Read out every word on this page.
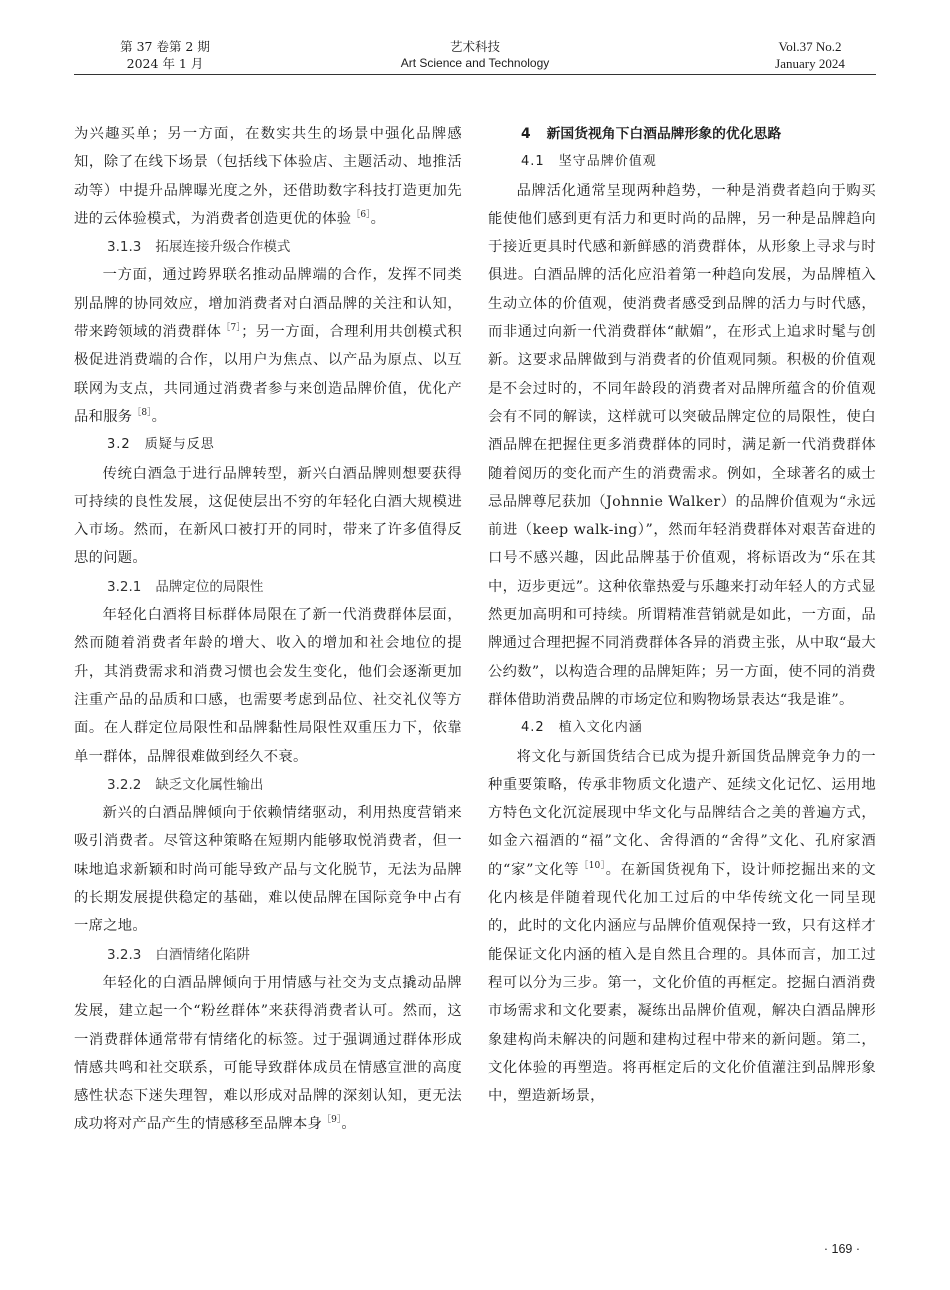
第 37 卷第 2 期
2024 年 1 月
艺术科技
Art Science and Technology
Vol.37 No.2
January 2024

为兴趣买单；另一方面，在数实共生的场景中强化品牌感知，除了在线下场景（包括线下体验店、主题活动、地推活动等）中提升品牌曝光度之外，还借助数字科技打造更加先进的云体验模式，为消费者创造更优的体验$^{[6]}$。

3.1.3 拓展连接升级合作模式

一方面，通过跨界联名推动品牌端的合作，发挥不同类别品牌的协同效应，增加消费者对白酒品牌的关注和认知，带来跨领域的消费群体$^{[7]}$；另一方面，合理利用共创模式积极促进消费端的合作，以用户为焦点、以产品为原点、以互联网为支点，共同通过消费者参与来创造品牌价值，优化产品和服务$^{[8]}$。

3.2 质疑与反思

传统白酒急于进行品牌转型，新兴白酒品牌则想要获得可持续的良性发展，这促使层出不穷的年轻化白酒大规模进入市场。然而，在新风口被打开的同时，带来了许多值得反思的问题。

3.2.1 品牌定位的局限性

年轻化白酒将目标群体局限在了新一代消费群体层面，然而随着消费者年龄的增大、收入的增加和社会地位的提升，其消费需求和消费习惯也会发生变化，他们会逐渐更加注重产品的品质和口感，也需要考虑到品位、社交礼仪等方面。在人群定位局限性和品牌黏性局限性双重压力下，依靠单一群体，品牌很难做到经久不衰。

3.2.2 缺乏文化属性输出

新兴的白酒品牌倾向于依赖情绪驱动，利用热度营销来吸引消费者。尽管这种策略在短期内能够取悦消费者，但一味地追求新颖和时尚可能导致产品与文化脱节，无法为品牌的长期发展提供稳定的基础，难以使品牌在国际竞争中占有一席之地。

3.2.3 白酒情绪化陷阱

年轻化的白酒品牌倾向于用情感与社交为支点撬动品牌发展，建立起一个“粉丝群体”来获得消费者认可。然而，这一消费群体通常带有情绪化的标签。过于强调通过群体形成情感共鸣和社交联系，可能导致群体成员在情感宣泄的高度感性状态下迷失理智，难以形成对品牌的深刻认知，更无法成功将对产品产生的情感移至品牌本身$^{[9]}$。

4 新国货视角下白酒品牌形象的优化思路
4.1 坚守品牌价值观

品牌活化通常呈现两种趋势，一种是消费者趋向于购买能使他们感到更有活力和更时尚的品牌，另一种是品牌趋向于接近更具时代感和新鲜感的消费群体，从形象上寻求与时俱进。白酒品牌的活化应沿着第一种趋向发展，为品牌植入生动立体的价值观，使消费者感受到品牌的活力与时代感，而非通过向新一代消费群体“献媚”，在形式上追求时髦与创新。这要求品牌做到与消费者的价值观同频。积极的价值观是不会过时的，不同年龄段的消费者对品牌所蕴含的价值观会有不同的解读，这样就可以突破品牌定位的局限性，使白酒品牌在把握住更多消费群体的同时，满足新一代消费群体随着阅历的变化而产生的消费需求。例如，全球著名的威士忌品牌尊尼获加（Johnnie Walker）的品牌价值观为“永远前进（keep walk-ing）”，然而年轻消费群体对艰苦奋进的口号不感兴趣，因此品牌基于价值观，将标语改为“乐在其中，迈步更远”。这种依靠热爱与乐趣来打动年轻人的方式显然更加高明和可持续。所谓精准营销就是如此，一方面，品牌通过合理把握不同消费群体各异的消费主张，从中取“最大公约数”，以构造合理的品牌矩阵；另一方面，使不同的消费群体借助消费品牌的市场定位和购物场景表达“我是谁”。

4.2 植入文化内涵

将文化与新国货结合已成为提升新国货品牌竞争力的一种重要策略，传承非物质文化遗产、延续文化记忆、运用地方特色文化沉淀展现中华文化与品牌结合之美的普遍方式，如金六福酒的“福”文化、舍得酒的“舍得”文化、孔府家酒的“家”文化等$^{[10]}$。在新国货视角下，设计师挖掘出来的文化内核是伴随着现代化加工过后的中华传统文化一同呈现的，此时的文化内涵应与品牌价值观保持一致，只有这样才能保证文化内涵的植入是自然且合理的。具体而言，加工过程可以分为三步。第一，文化价值的再框定。挖掘白酒消费市场需求和文化要素，凝练出品牌价值观，解决白酒品牌形象建构尚未解决的问题和建构过程中带来的新问题。第二，文化体验的再塑造。将再框定后的文化价值灌注到品牌形象中，塑造新场景，

· 169 ·
